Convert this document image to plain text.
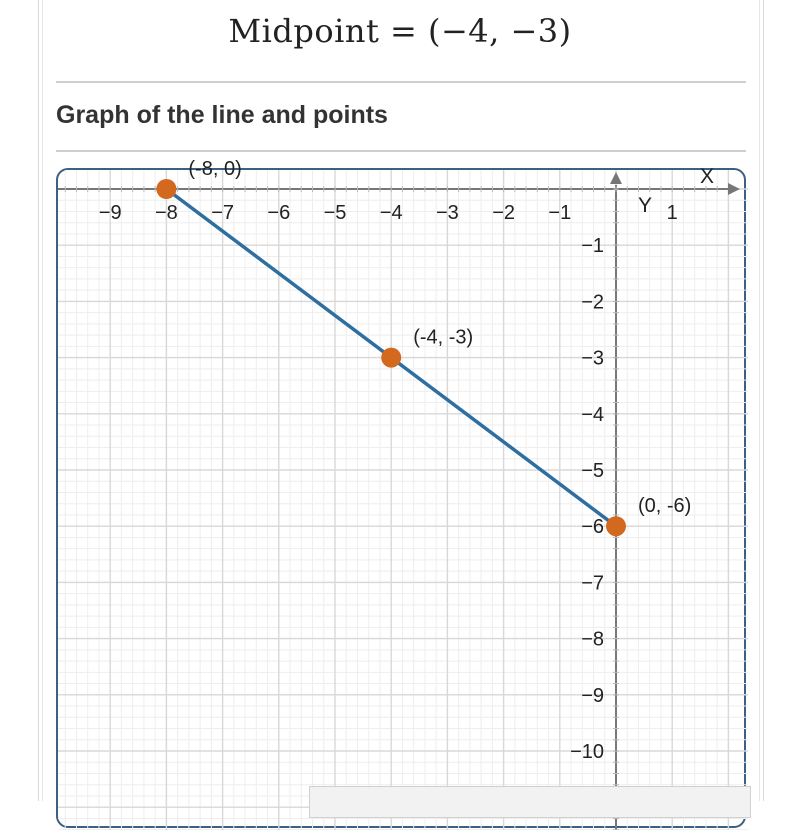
Midpoint = (−4, −3)
Graph of the line and points
−9 −8 −7 −6 −5 −4 −3 −2 −1	1
−1
−2
−3
−4
−5
−6
−7
−8
−9
−10
Y
X
(-8, 0)
(-4, -3)
(0, -6)
